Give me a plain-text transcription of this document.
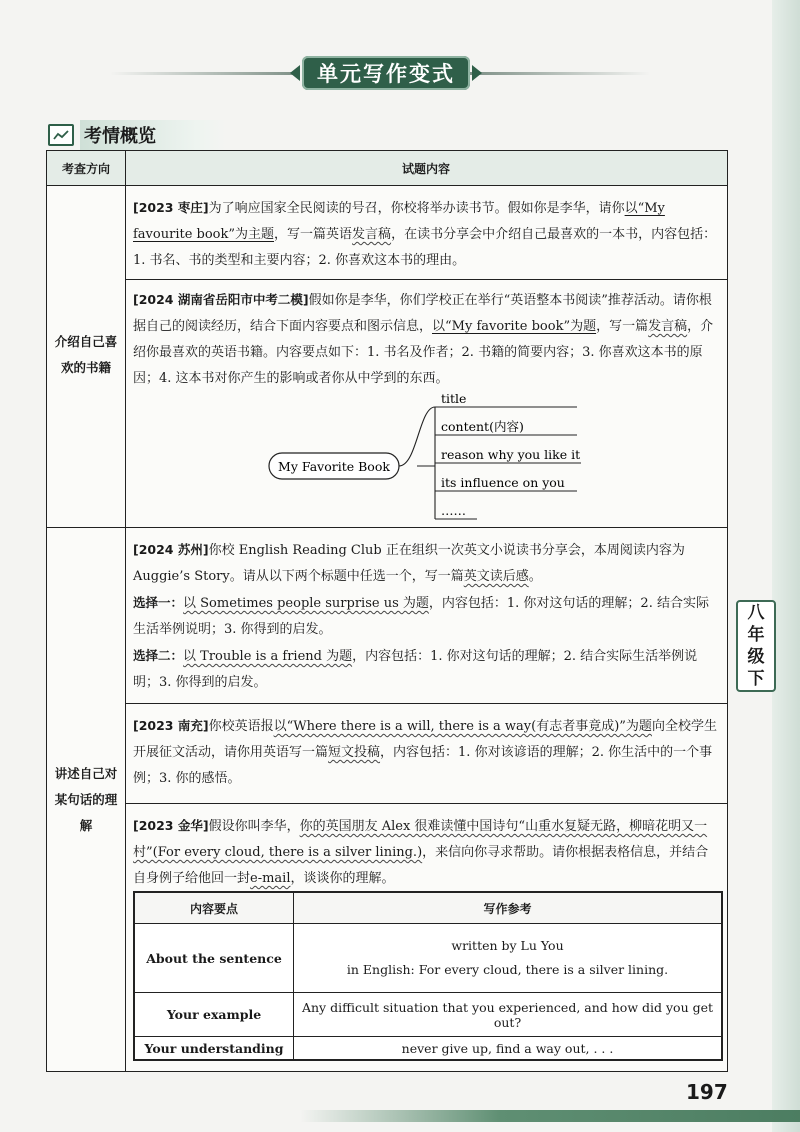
单元写作变式
考情概览
考查方向	试题内容
介绍自己喜
欢的书籍

[2023 枣庄]为了响应国家全民阅读的号召，你校将举办读书节。假如你是李华，请你以“My favourite book”为主题，写一篇英语发言稿，在读书分享会中介绍自己最喜欢的一本书，内容包括：1. 书名、书的类型和主要内容；2. 你喜欢这本书的理由。

[2024 湖南省岳阳市中考二模]假如你是李华，你们学校正在举行“英语整本书阅读”推荐活动。请你根据自己的阅读经历，结合下面内容要点和图示信息，以“My favorite book”为题，写一篇发言稿，介绍你最喜欢的英语书籍。内容要点如下：1. 书名及作者；2. 书籍的简要内容；3. 你喜欢这本书的原因；4. 这本书对你产生的影响或者你从中学到的东西。

My Favorite Book
title
content(内容)
reason why you like it
its influence on you
……
讲述自己对
某句话的理
解

[2024 苏州]你校 English Reading Club 正在组织一次英文小说读书分享会，本周阅读内容为 Auggie’s Story。请从以下两个标题中任选一个，写一篇英文读后感。

选择一：以 Sometimes people surprise us 为题，内容包括：1. 你对这句话的理解；2. 结合实际生活举例说明；3. 你得到的启发。

选择二：以 Trouble is a friend 为题，内容包括：1. 你对这句话的理解；2. 结合实际生活举例说明；3. 你得到的启发。

[2023 南充]你校英语报以“Where there is a will, there is a way(有志者事竟成)”为题向全校学生开展征文活动，请你用英语写一篇短文投稿，内容包括：1. 你对该谚语的理解；2. 你生活中的一个事例；3. 你的感悟。

[2023 金华]假设你叫李华，你的英国朋友 Alex 很难读懂中国诗句“山重水复疑无路，柳暗花明又一村”(For every cloud, there is a silver lining.)，来信向你寻求帮助。请你根据表格信息，并结合自身例子给他回一封e-mail，谈谈你的理解。

内容要点	写作参考
About the sentence	written by Lu You
in English: For every cloud, there is a silver lining.

Your example	Any difficult situation that you experienced, and how did you get out?
Your understanding	never give up, find a way out, . . .
八
年
级
下
197
